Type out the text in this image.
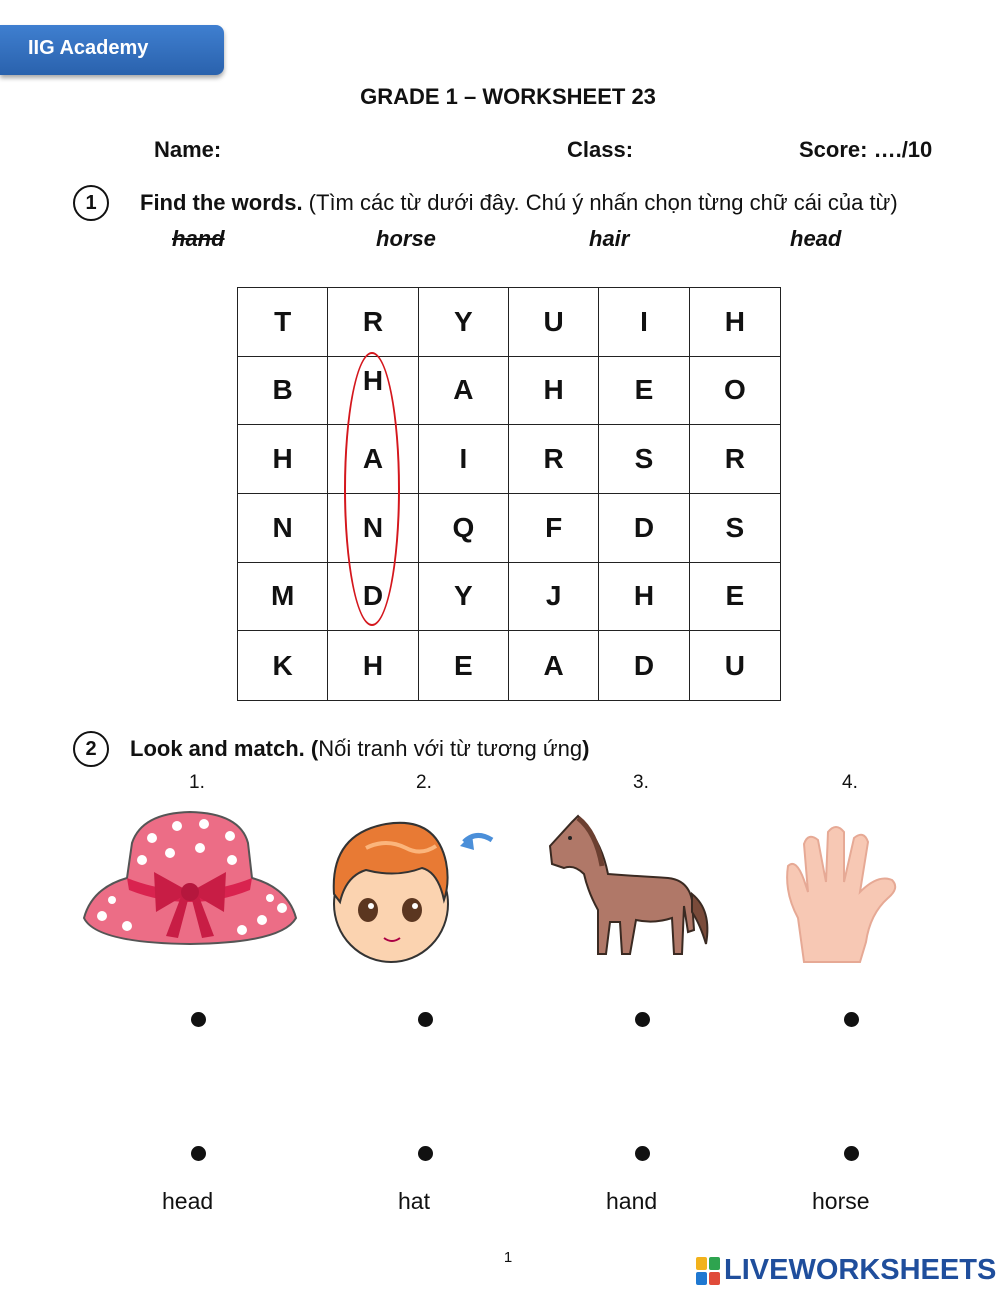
IIG Academy
GRADE 1 – WORKSHEET 23
Name:	Class:	Score: …./10
1	Find the words. (Tìm các từ dưới đây. Chú ý nhấn chọn từng chữ cái của từ)
hand	horse	hair	head
T	R	Y	U	I	H
B	H	A	H	E	O
H	A	I	R	S	R
N	N	Q	F	D	S
M	D	Y	J	H	E
K	H	E	A	D	U
2	Look and match. (Nối tranh với từ tương ứng)
1.	2.	3.	4.
head	hat	hand	horse
1	LIVEWORKSHEETS
